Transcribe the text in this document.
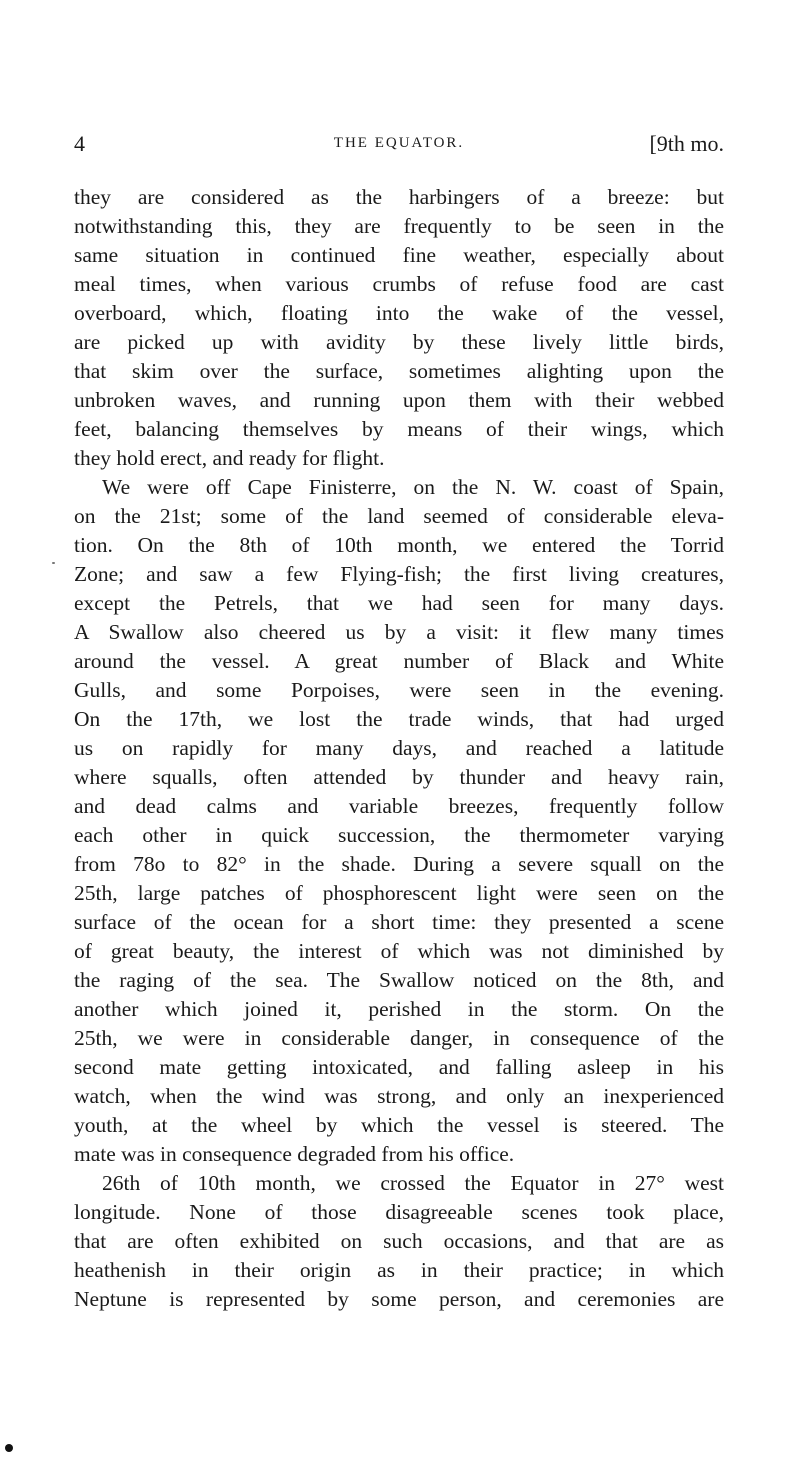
4	THE EQUATOR.	[9th mo.
they are considered as the harbingers of a breeze: but
notwithstanding this, they are frequently to be seen in the
same situation in continued fine weather, especially about
meal times, when various crumbs of refuse food are cast
overboard, which, floating into the wake of the vessel,
are picked up with avidity by these lively little birds,
that skim over the surface, sometimes alighting upon the
unbroken waves, and running upon them with their webbed
feet, balancing themselves by means of their wings, which
they hold erect, and ready for flight.
We were off Cape Finisterre, on the N. W. coast of Spain,
on the 21st; some of the land seemed of considerable eleva-
tion. On the 8th of 10th month, we entered the Torrid
Zone; and saw a few Flying-fish; the first living creatures,
except the Petrels, that we had seen for many days.
A Swallow also cheered us by a visit: it flew many times
around the vessel. A great number of Black and White
Gulls, and some Porpoises, were seen in the evening.
On the 17th, we lost the trade winds, that had urged
us on rapidly for many days, and reached a latitude
where squalls, often attended by thunder and heavy rain,
and dead calms and variable breezes, frequently follow
each other in quick succession, the thermometer varying
from 78o to 82° in the shade. During a severe squall on the
25th, large patches of phosphorescent light were seen on the
surface of the ocean for a short time: they presented a scene
of great beauty, the interest of which was not diminished by
the raging of the sea. The Swallow noticed on the 8th, and
another which joined it, perished in the storm. On the
25th, we were in considerable danger, in consequence of the
second mate getting intoxicated, and falling asleep in his
watch, when the wind was strong, and only an inexperienced
youth, at the wheel by which the vessel is steered. The
mate was in consequence degraded from his office.
26th of 10th month, we crossed the Equator in 27° west
longitude. None of those disagreeable scenes took place,
that are often exhibited on such occasions, and that are as
heathenish in their origin as in their practice; in which
Neptune is represented by some person, and ceremonies are
